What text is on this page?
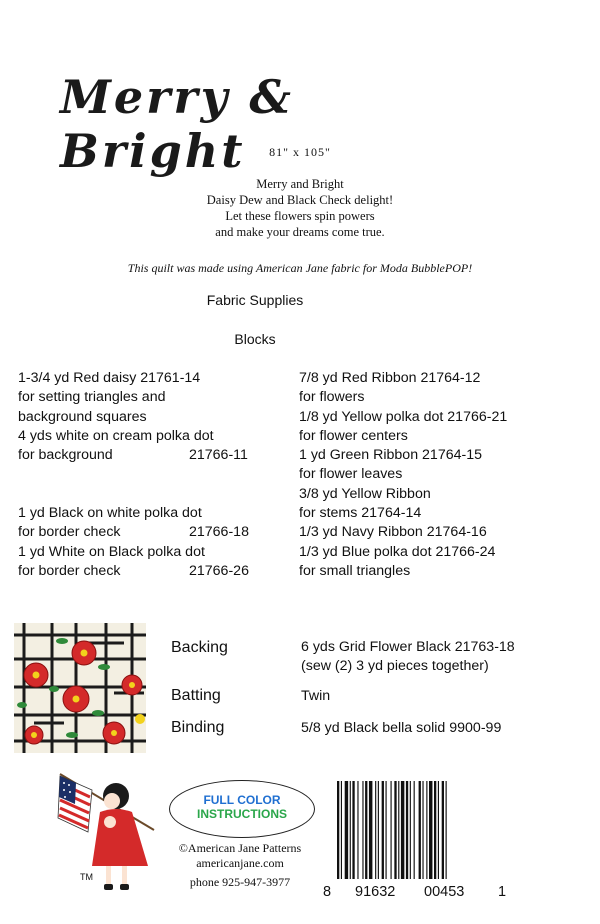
Merry & Bright	81" x 105"
Merry and Bright
Daisy Dew and Black Check delight!
Let these flowers spin powers
and make your dreams come true.
This quilt was made using American Jane fabric for Moda BubblePOP!
Fabric Supplies
Blocks
1-3/4 yd Red daisy 21761-14
for setting triangles and
background squares
4 yds white on cream polka dot
for background	21766-11
1 yd Black on white polka dot
for border check	21766-18
1 yd White on Black polka dot
for border check	21766-26
7/8 yd Red Ribbon 21764-12
for flowers
1/8 yd Yellow polka dot 21766-21
for flower centers
1 yd Green Ribbon 21764-15
for flower leaves
3/8 yd Yellow Ribbon
for stems 21764-14
1/3 yd Navy Ribbon 21764-16
1/3 yd Blue polka dot 21766-24
for small triangles
Backing	6 yds Grid Flower Black 21763-18
(sew (2) 3 yd pieces together)
Batting	Twin
Binding	5/8 yd Black bella solid 9900-99
TM
FULL COLOR
INSTRUCTIONS
©American Jane Patterns
americanjane.com
phone 925-947-3977
8 91632 00453 1
